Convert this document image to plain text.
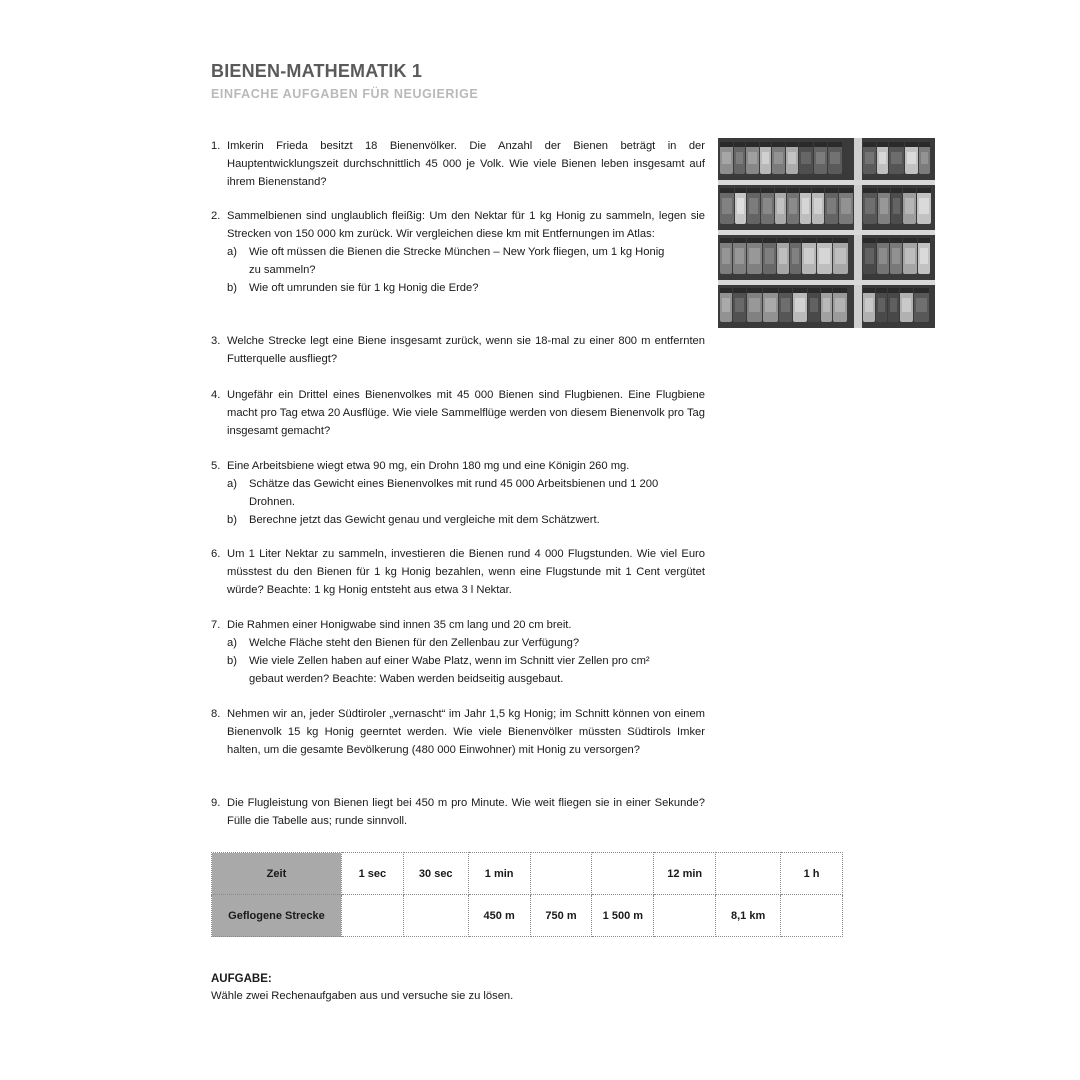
BIENEN-MATHEMATIK 1
EINFACHE AUFGABEN FÜR NEUGIERIGE
1. Imkerin Frieda besitzt 18 Bienenvölker. Die Anzahl der Bienen beträgt in der Hauptentwicklungszeit durchschnittlich 45 000 je Volk. Wie viele Bienen leben insgesamt auf ihrem Bienenstand?
2. Sammelbienen sind unglaublich fleißig: Um den Nektar für 1 kg Honig zu sammeln, legen sie Strecken von 150 000 km zurück. Wir vergleichen diese km mit Entfernungen im Atlas:
a) Wie oft müssen die Bienen die Strecke München – New York fliegen, um 1 kg Honig zu sammeln?
b) Wie oft umrunden sie für 1 kg Honig die Erde?
3. Welche Strecke legt eine Biene insgesamt zurück, wenn sie 18-mal zu einer 800 m entfernten Futterquelle ausfliegt?
4. Ungefähr ein Drittel eines Bienenvolkes mit 45 000 Bienen sind Flugbienen. Eine Flugbiene macht pro Tag etwa 20 Ausflüge. Wie viele Sammelflüge werden von diesem Bienenvolk pro Tag insgesamt gemacht?
5. Eine Arbeitsbiene wiegt etwa 90 mg, ein Drohn 180 mg und eine Königin 260 mg.
a) Schätze das Gewicht eines Bienenvolkes mit rund 45 000 Arbeitsbienen und 1 200 Drohnen.
b) Berechne jetzt das Gewicht genau und vergleiche mit dem Schätzwert.
6. Um 1 Liter Nektar zu sammeln, investieren die Bienen rund 4 000 Flugstunden. Wie viel Euro müsstest du den Bienen für 1 kg Honig bezahlen, wenn eine Flugstunde mit 1 Cent vergütet würde? Beachte: 1 kg Honig entsteht aus etwa 3 l Nektar.
7. Die Rahmen einer Honigwabe sind innen 35 cm lang und 20 cm breit.
a) Welche Fläche steht den Bienen für den Zellenbau zur Verfügung?
b) Wie viele Zellen haben auf einer Wabe Platz, wenn im Schnitt vier Zellen pro cm² gebaut werden? Beachte: Waben werden beidseitig ausgebaut.
8. Nehmen wir an, jeder Südtiroler „vernascht“ im Jahr 1,5 kg Honig; im Schnitt können von einem Bienenvolk 15 kg Honig geerntet werden. Wie viele Bienenvölker müssten Südtirols Imker halten, um die gesamte Bevölkerung (480 000 Einwohner) mit Honig zu versorgen?
9. Die Flugleistung von Bienen liegt bei 450 m pro Minute. Wie weit fliegen sie in einer Sekunde? Fülle die Tabelle aus; runde sinnvoll.
Zeit	1 sec	30 sec	1 min			12 min		1 h
Geflogene Strecke			450 m	750 m	1 500 m		8,1 km	
AUFGABE:

Wähle zwei Rechenaufgaben aus und versuche sie zu lösen.
